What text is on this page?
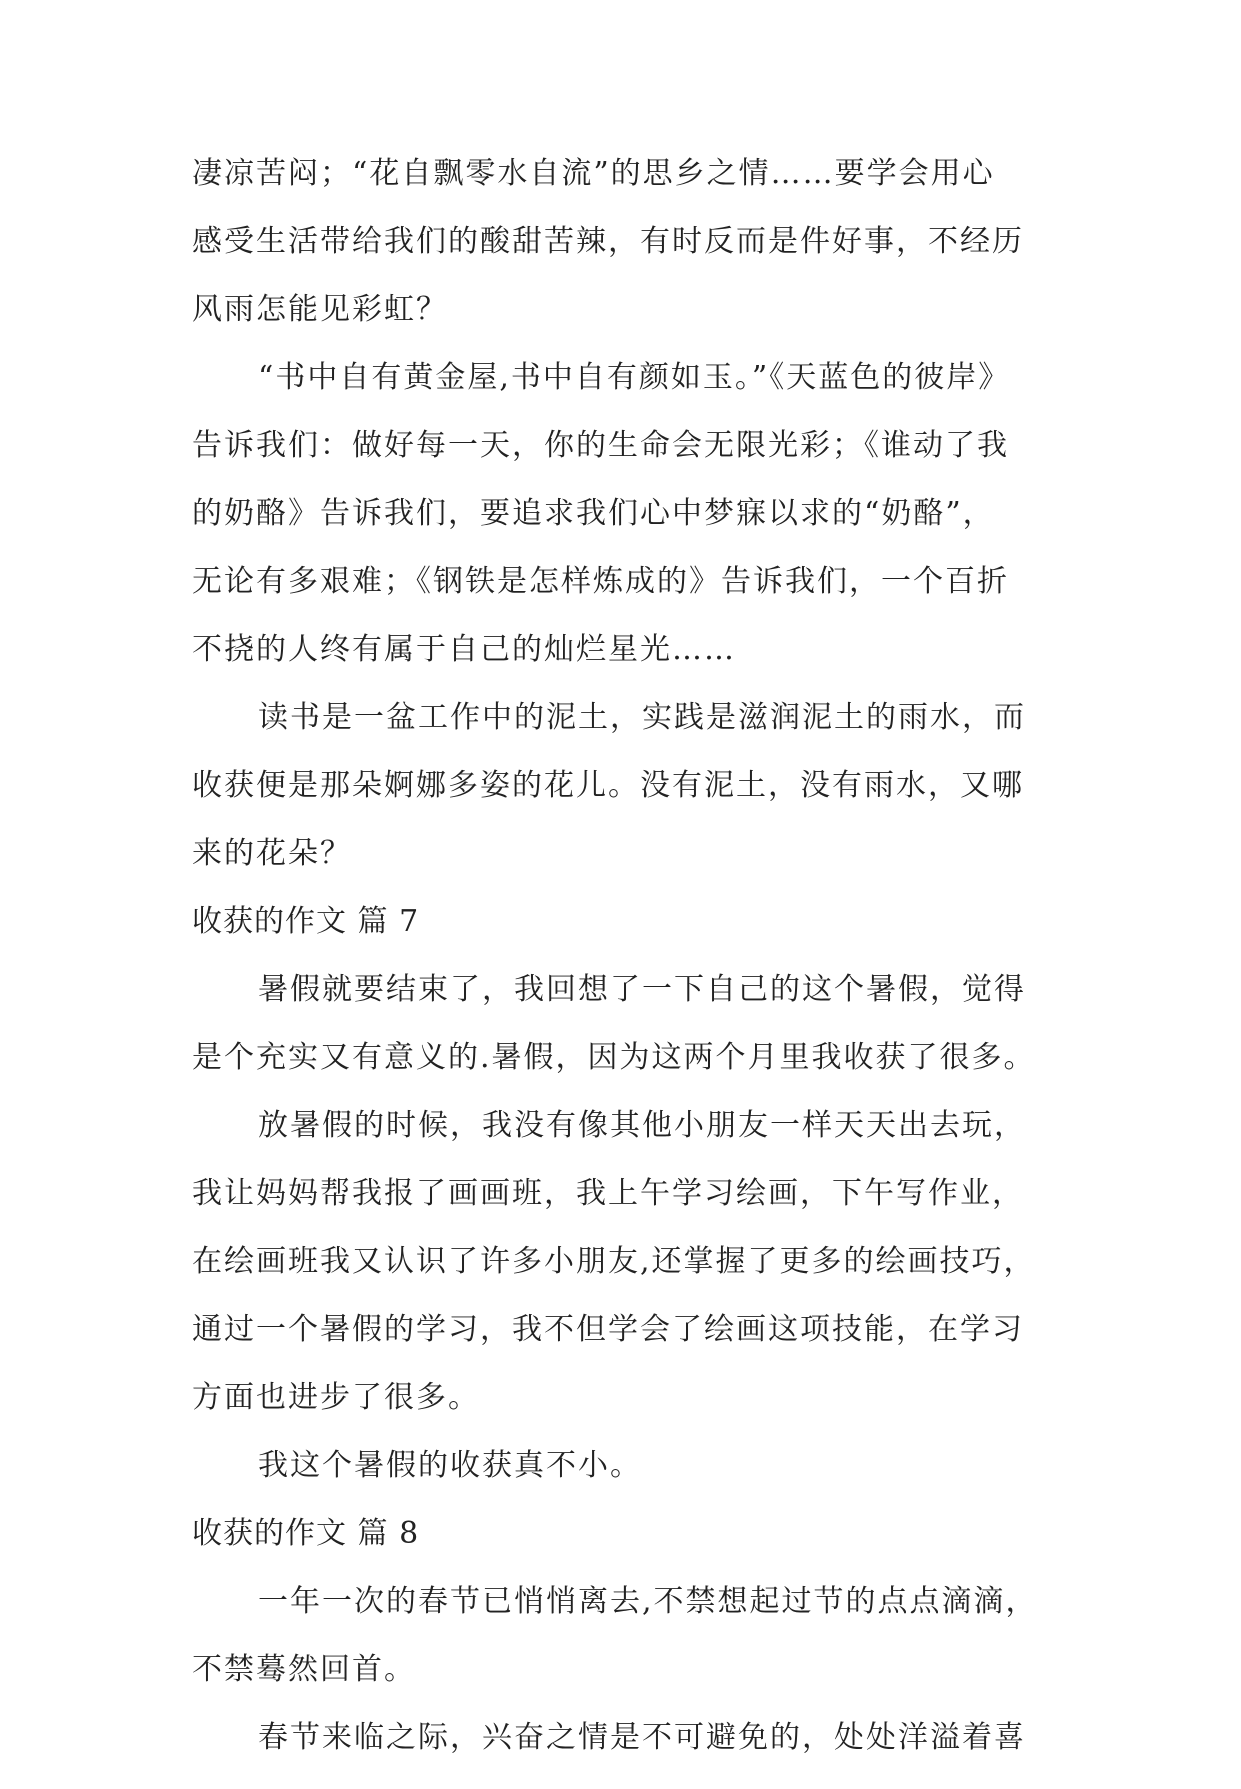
凄凉苦闷；“花自飘零水自流”的思乡之情……要学会用心
感受生活带给我们的酸甜苦辣，有时反而是件好事，不经历
风雨怎能见彩虹？
“书中自有黄金屋,书中自有颜如玉。”《天蓝色的彼岸》
告诉我们：做好每一天，你的生命会无限光彩；《谁动了我
的奶酪》告诉我们，要追求我们心中梦寐以求的“奶酪”，
无论有多艰难；《钢铁是怎样炼成的》告诉我们，一个百折
不挠的人终有属于自己的灿烂星光……
读书是一盆工作中的泥土，实践是滋润泥土的雨水，而
收获便是那朵婀娜多姿的花儿。没有泥土，没有雨水，又哪
来的花朵？
收获的作文 篇 7
暑假就要结束了，我回想了一下自己的这个暑假，觉得
是个充实又有意义的.暑假，因为这两个月里我收获了很多。
放暑假的时候，我没有像其他小朋友一样天天出去玩，
我让妈妈帮我报了画画班，我上午学习绘画，下午写作业，
在绘画班我又认识了许多小朋友,还掌握了更多的绘画技巧，
通过一个暑假的学习，我不但学会了绘画这项技能，在学习
方面也进步了很多。
我这个暑假的收获真不小。
收获的作文 篇 8
一年一次的春节已悄悄离去,不禁想起过节的点点滴滴，
不禁蓦然回首。
春节来临之际，兴奋之情是不可避免的，处处洋溢着喜
